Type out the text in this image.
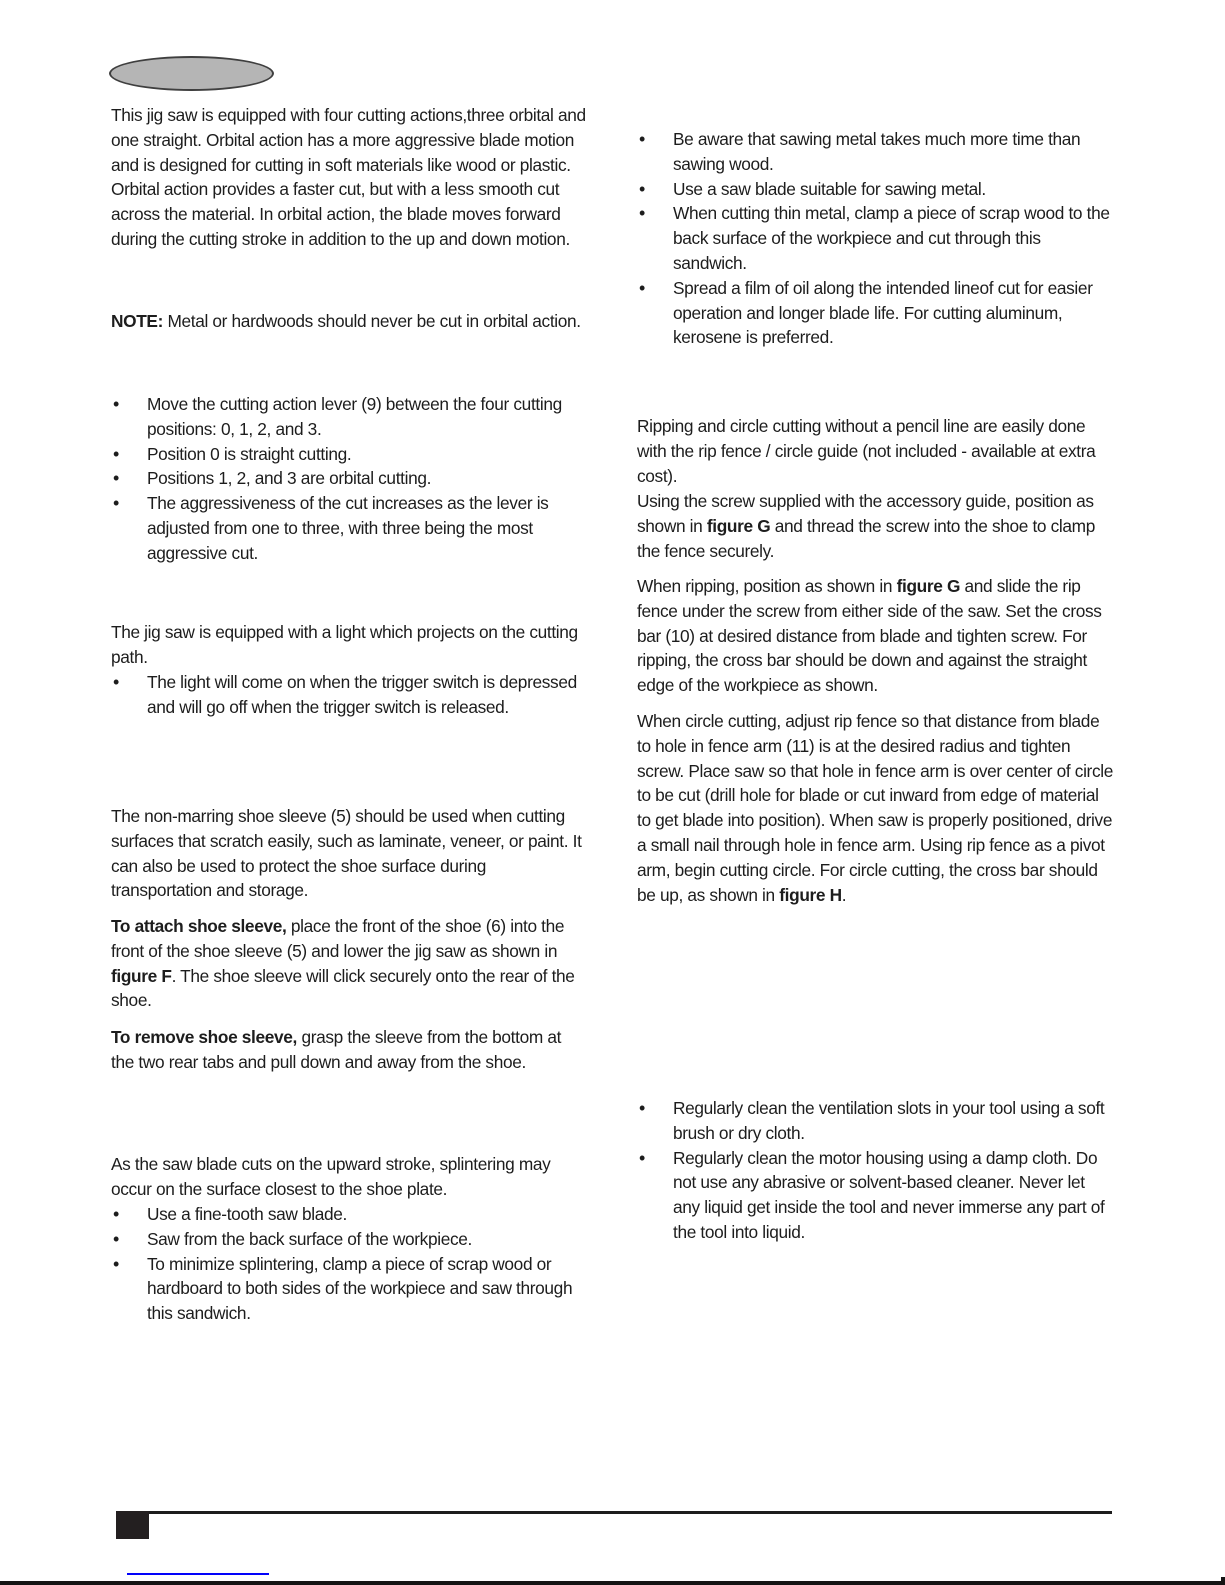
This jig saw is equipped with four cutting actions,three orbital and one straight. Orbital action has a more aggressive blade motion and is designed for cutting in soft materials like wood or plastic. Orbital action provides a faster cut, but with a less smooth cut across the material. In orbital action, the blade moves forward during the cutting stroke in addition to the up and down motion.

NOTE: Metal or hardwoods should never be cut in orbital action.

• Move the cutting action lever (9) between the four cutting positions: 0, 1, 2, and 3.
• Position 0 is straight cutting.
• Positions 1, 2, and 3 are orbital cutting.
• The aggressiveness of the cut increases as the lever is adjusted from one to three, with three being the most aggressive cut.

The jig saw is equipped with a light which projects on the cutting path.

• The light will come on when the trigger switch is depressed and will go off when the trigger switch is released.

The non-marring shoe sleeve (5) should be used when cutting surfaces that scratch easily, such as laminate, veneer, or paint. It can also be used to protect the shoe surface during transportation and storage.

To attach shoe sleeve, place the front of the shoe (6) into the front of the shoe sleeve (5) and lower the jig saw as shown in figure F. The shoe sleeve will click securely onto the rear of the shoe.

To remove shoe sleeve, grasp the sleeve from the bottom at the two rear tabs and pull down and away from the shoe.

As the saw blade cuts on the upward stroke, splintering may occur on the surface closest to the shoe plate.

• Use a fine-tooth saw blade.
• Saw from the back surface of the workpiece.
• To minimize splintering, clamp a piece of scrap wood or hardboard to both sides of the workpiece and saw through this sandwich.
• Be aware that sawing metal takes much more time than sawing wood.
• Use a saw blade suitable for sawing metal.
• When cutting thin metal, clamp a piece of scrap wood to the back surface of the workpiece and cut through this sandwich.
• Spread a film of oil along the intended lineof cut for easier operation and longer blade life. For cutting aluminum, kerosene is preferred.

Ripping and circle cutting without a pencil line are easily done with the rip fence / circle guide (not included - available at extra cost).

Using the screw supplied with the accessory guide, position as shown in figure G and thread the screw into the shoe to clamp the fence securely.

When ripping, position as shown in figure G and slide the rip fence under the screw from either side of the saw. Set the cross bar (10) at desired distance from blade and tighten screw. For ripping, the cross bar should be down and against the straight edge of the workpiece as shown.

When circle cutting, adjust rip fence so that distance from blade to hole in fence arm (11) is at the desired radius and tighten screw. Place saw so that hole in fence arm is over center of circle to be cut (drill hole for blade or cut inward from edge of material to get blade into position). When saw is properly positioned, drive a small nail through hole in fence arm. Using rip fence as a pivot arm, begin cutting circle. For circle cutting, the cross bar should be up, as shown in figure H.

• Regularly clean the ventilation slots in your tool using a soft brush or dry cloth.
• Regularly clean the motor housing using a damp cloth. Do not use any abrasive or solvent-based cleaner. Never let any liquid get inside the tool and never immerse any part of the tool into liquid.
